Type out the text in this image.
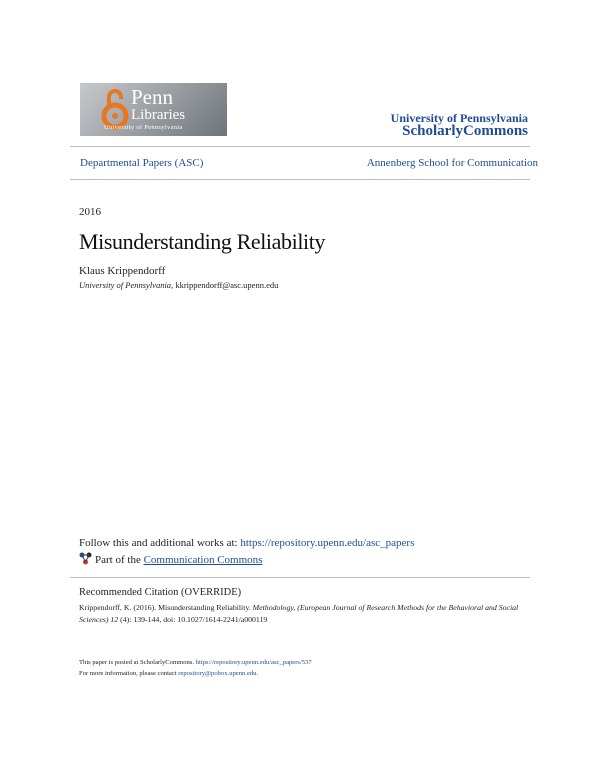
Penn
Libraries
University of Pennsylvania
University of Pennsylvania
ScholarlyCommons
Departmental Papers (ASC)	Annenberg School for Communication
2016
Misunderstanding Reliability
Klaus Krippendorff
University of Pennsylvania, kkrippendorff@asc.upenn.edu
Follow this and additional works at: https://repository.upenn.edu/asc_papers
Part of the Communication Commons
Recommended Citation (OVERRIDE)
Krippendorff, K. (2016). Misunderstanding Reliability. Methodology, (European Journal of Research Methods for the Behavioral and Social Sciences) 12 (4): 139-144, doi: 10.1027/1614-2241/a000119
This paper is posted at ScholarlyCommons. https://repository.upenn.edu/asc_papers/537
For more information, please contact repository@pobox.upenn.edu.
